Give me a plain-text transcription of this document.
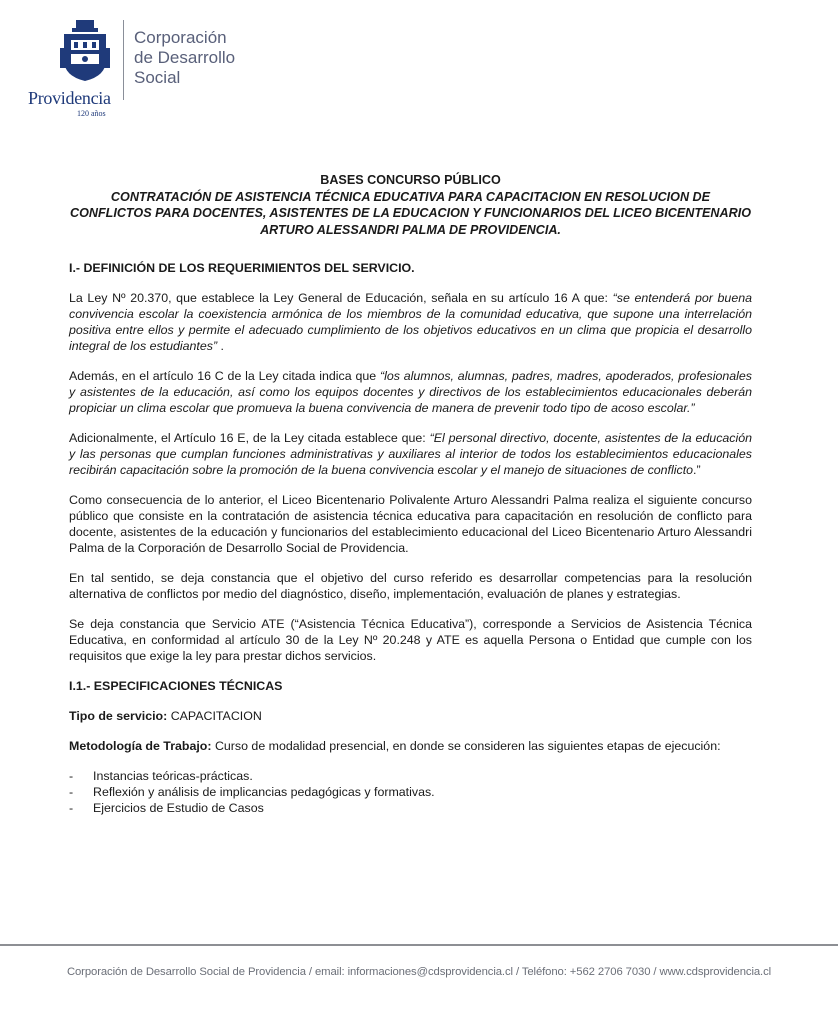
Providencia
120 años
Corporación
de Desarrollo
Social
BASES CONCURSO PÚBLICO
CONTRATACIÓN DE ASISTENCIA TÉCNICA EDUCATIVA PARA CAPACITACION EN RESOLUCION DE CONFLICTOS PARA DOCENTES, ASISTENTES DE LA EDUCACION Y FUNCIONARIOS DEL LICEO BICENTENARIO ARTURO ALESSANDRI PALMA DE PROVIDENCIA.
I.- DEFINICIÓN DE LOS REQUERIMIENTOS DEL SERVICIO.

La Ley Nº 20.370, que establece la Ley General de Educación, señala en su artículo 16 A que: “se entenderá por buena convivencia escolar la coexistencia armónica de los miembros de la comunidad educativa, que supone una interrelación positiva entre ellos y permite el adecuado cumplimiento de los objetivos educativos en un clima que propicia el desarrollo integral de los estudiantes” .

Además, en el artículo 16 C de la Ley citada indica que “los alumnos, alumnas, padres, madres, apoderados, profesionales y asistentes de la educación, así como los equipos docentes y directivos de los establecimientos educacionales deberán propiciar un clima escolar que promueva la buena convivencia de manera de prevenir todo tipo de acoso escolar.”

Adicionalmente, el Artículo 16 E, de la Ley citada establece que: “El personal directivo, docente, asistentes de la educación y las personas que cumplan funciones administrativas y auxiliares al interior de todos los establecimientos educacionales recibirán capacitación sobre la promoción de la buena convivencia escolar y el manejo de situaciones de conflicto.”

Como consecuencia de lo anterior, el Liceo Bicentenario Polivalente Arturo Alessandri Palma realiza el siguiente concurso público que consiste en la contratación de asistencia técnica educativa para capacitación en resolución de conflicto para docente, asistentes de la educación y funcionarios del establecimiento educacional del Liceo Bicentenario Arturo Alessandri Palma de la Corporación de Desarrollo Social de Providencia.

En tal sentido, se deja constancia que el objetivo del curso referido es desarrollar competencias para la resolución alternativa de conflictos por medio del diagnóstico, diseño, implementación, evaluación de planes y estrategias.

Se deja constancia que Servicio ATE (“Asistencia Técnica Educativa”), corresponde a Servicios de Asistencia Técnica Educativa, en conformidad al artículo 30 de la Ley Nº 20.248 y ATE es aquella Persona o Entidad que cumple con los requisitos que exige la ley para prestar dichos servicios.

I.1.- ESPECIFICACIONES TÉCNICAS

Tipo de servicio: CAPACITACION

Metodología de Trabajo: Curso de modalidad presencial, en donde se consideren las siguientes etapas de ejecución:

- Instancias teóricas-prácticas.
- Reflexión y análisis de implicancias pedagógicas y formativas.
- Ejercicios de Estudio de Casos
Corporación de Desarrollo Social de Providencia / email: informaciones@cdsprovidencia.cl / Teléfono: +562 2706 7030 / www.cdsprovidencia.cl
